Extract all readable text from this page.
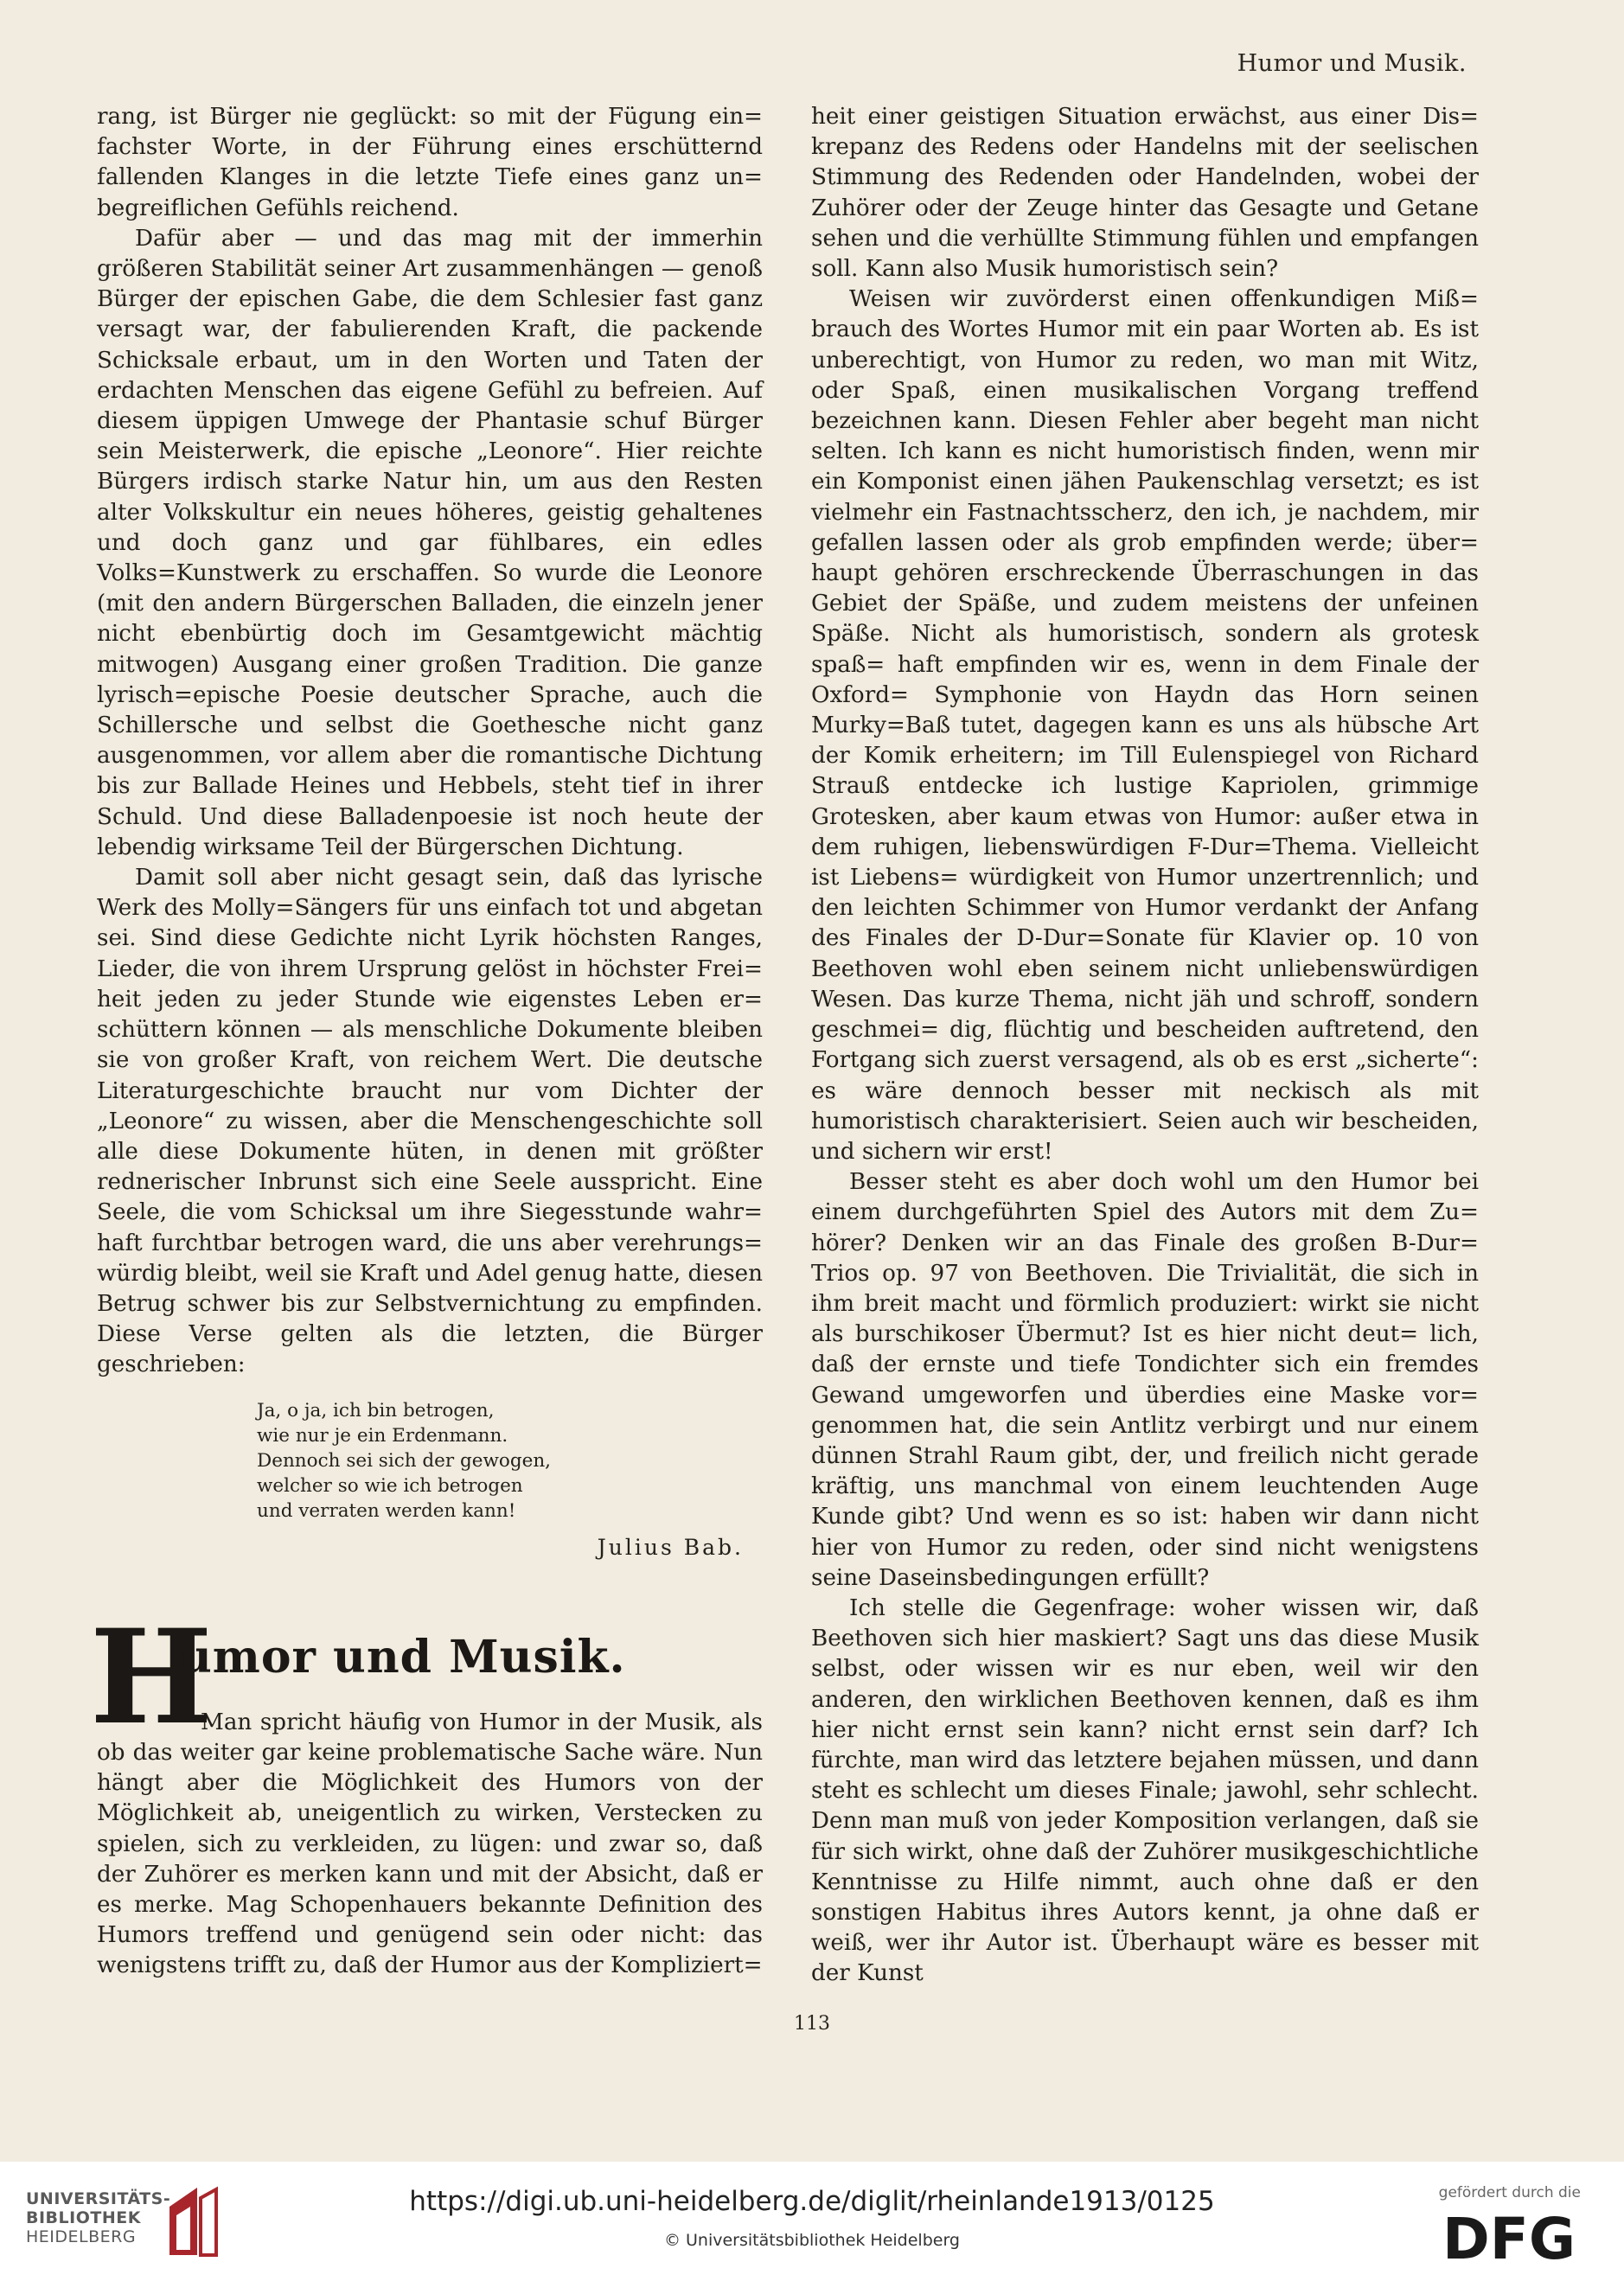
Humor und Musik.

rang, ist Bürger nie geglückt: so mit der Fügung ein= fachster Worte, in der Führung eines erschütternd fallenden Klanges in die letzte Tiefe eines ganz un= begreiflichen Gefühls reichend.

Dafür aber — und das mag mit der immerhin größeren Stabilität seiner Art zusammenhängen — genoß Bürger der epischen Gabe, die dem Schlesier fast ganz versagt war, der fabulierenden Kraft, die packende Schicksale erbaut, um in den Worten und Taten der erdachten Menschen das eigene Gefühl zu befreien. Auf diesem üppigen Umwege der Phantasie schuf Bürger sein Meisterwerk, die epische „Leonore“. Hier reichte Bürgers irdisch starke Natur hin, um aus den Resten alter Volkskultur ein neues höheres, geistig gehaltenes und doch ganz und gar fühlbares, ein edles Volks=Kunstwerk zu erschaffen. So wurde die Leonore (mit den andern Bürgerschen Balladen, die einzeln jener nicht ebenbürtig doch im Gesamtgewicht mächtig mitwogen) Ausgang einer großen Tradition. Die ganze lyrisch=epische Poesie deutscher Sprache, auch die Schillersche und selbst die Goethesche nicht ganz ausgenommen, vor allem aber die romantische Dichtung bis zur Ballade Heines und Hebbels, steht tief in ihrer Schuld. Und diese Balladenpoesie ist noch heute der lebendig wirksame Teil der Bürgerschen Dichtung.

Damit soll aber nicht gesagt sein, daß das lyrische Werk des Molly=Sängers für uns einfach tot und abgetan sei. Sind diese Gedichte nicht Lyrik höchsten Ranges, Lieder, die von ihrem Ursprung gelöst in höchster Frei= heit jeden zu jeder Stunde wie eigenstes Leben er= schüttern können — als menschliche Dokumente bleiben sie von großer Kraft, von reichem Wert. Die deutsche Literaturgeschichte braucht nur vom Dichter der „Leonore“ zu wissen, aber die Menschengeschichte soll alle diese Dokumente hüten, in denen mit größter rednerischer Inbrunst sich eine Seele ausspricht. Eine Seele, die vom Schicksal um ihre Siegesstunde wahr= haft furchtbar betrogen ward, die uns aber verehrungs= würdig bleibt, weil sie Kraft und Adel genug hatte, diesen Betrug schwer bis zur Selbstvernichtung zu empfinden. Diese Verse gelten als die letzten, die Bürger geschrieben:

Ja, o ja, ich bin betrogen,
wie nur je ein Erdenmann.
Dennoch sei sich der gewogen,
welcher so wie ich betrogen
und verraten werden kann!
Julius Bab.
H
umor und Musik.

Man spricht häufig von Humor in der Musik, als ob das weiter gar keine problematische Sache wäre. Nun hängt aber die Möglichkeit des Humors von der Möglichkeit ab, uneigentlich zu wirken, Verstecken zu spielen, sich zu verkleiden, zu lügen: und zwar so, daß der Zuhörer es merken kann und mit der Absicht, daß er es merke. Mag Schopenhauers bekannte Definition des Humors treffend und genügend sein oder nicht: das wenigstens trifft zu, daß der Humor aus der Kompliziert=

heit einer geistigen Situation erwächst, aus einer Dis= krepanz des Redens oder Handelns mit der seelischen Stimmung des Redenden oder Handelnden, wobei der Zuhörer oder der Zeuge hinter das Gesagte und Getane sehen und die verhüllte Stimmung fühlen und empfangen soll. Kann also Musik humoristisch sein?

Weisen wir zuvörderst einen offenkundigen Miß= brauch des Wortes Humor mit ein paar Worten ab. Es ist unberechtigt, von Humor zu reden, wo man mit Witz, oder Spaß, einen musikalischen Vorgang treffend bezeichnen kann. Diesen Fehler aber begeht man nicht selten. Ich kann es nicht humoristisch finden, wenn mir ein Komponist einen jähen Paukenschlag versetzt; es ist vielmehr ein Fastnachtsscherz, den ich, je nachdem, mir gefallen lassen oder als grob empfinden werde; über= haupt gehören erschreckende Überraschungen in das Gebiet der Späße, und zudem meistens der unfeinen Späße. Nicht als humoristisch, sondern als grotesk spaß= haft empfinden wir es, wenn in dem Finale der Oxford= Symphonie von Haydn das Horn seinen Murky=Baß tutet, dagegen kann es uns als hübsche Art der Komik erheitern; im Till Eulenspiegel von Richard Strauß entdecke ich lustige Kapriolen, grimmige Grotesken, aber kaum etwas von Humor: außer etwa in dem ruhigen, liebenswürdigen F-Dur=Thema. Vielleicht ist Liebens= würdigkeit von Humor unzertrennlich; und den leichten Schimmer von Humor verdankt der Anfang des Finales der D-Dur=Sonate für Klavier op. 10 von Beethoven wohl eben seinem nicht unliebenswürdigen Wesen. Das kurze Thema, nicht jäh und schroff, sondern geschmei= dig, flüchtig und bescheiden auftretend, den Fortgang sich zuerst versagend, als ob es erst „sicherte“: es wäre dennoch besser mit neckisch als mit humoristisch charakterisiert. Seien auch wir bescheiden, und sichern wir erst!

Besser steht es aber doch wohl um den Humor bei einem durchgeführten Spiel des Autors mit dem Zu= hörer? Denken wir an das Finale des großen B-Dur= Trios op. 97 von Beethoven. Die Trivialität, die sich in ihm breit macht und förmlich produziert: wirkt sie nicht als burschikoser Übermut? Ist es hier nicht deut= lich, daß der ernste und tiefe Tondichter sich ein fremdes Gewand umgeworfen und überdies eine Maske vor= genommen hat, die sein Antlitz verbirgt und nur einem dünnen Strahl Raum gibt, der, und freilich nicht gerade kräftig, uns manchmal von einem leuchtenden Auge Kunde gibt? Und wenn es so ist: haben wir dann nicht hier von Humor zu reden, oder sind nicht wenigstens seine Daseinsbedingungen erfüllt?

Ich stelle die Gegenfrage: woher wissen wir, daß Beethoven sich hier maskiert? Sagt uns das diese Musik selbst, oder wissen wir es nur eben, weil wir den anderen, den wirklichen Beethoven kennen, daß es ihm hier nicht ernst sein kann? nicht ernst sein darf? Ich fürchte, man wird das letztere bejahen müssen, und dann steht es schlecht um dieses Finale; jawohl, sehr schlecht. Denn man muß von jeder Komposition verlangen, daß sie für sich wirkt, ohne daß der Zuhörer musikgeschichtliche Kenntnisse zu Hilfe nimmt, auch ohne daß er den sonstigen Habitus ihres Autors kennt, ja ohne daß er weiß, wer ihr Autor ist. Überhaupt wäre es besser mit der Kunst

113
UNIVERSITÄTS-
BIBLIOTHEK
HEIDELBERG
https://digi.ub.uni-heidelberg.de/diglit/rheinlande1913/0125
© Universitätsbibliothek Heidelberg
gefördert durch die
DFG
